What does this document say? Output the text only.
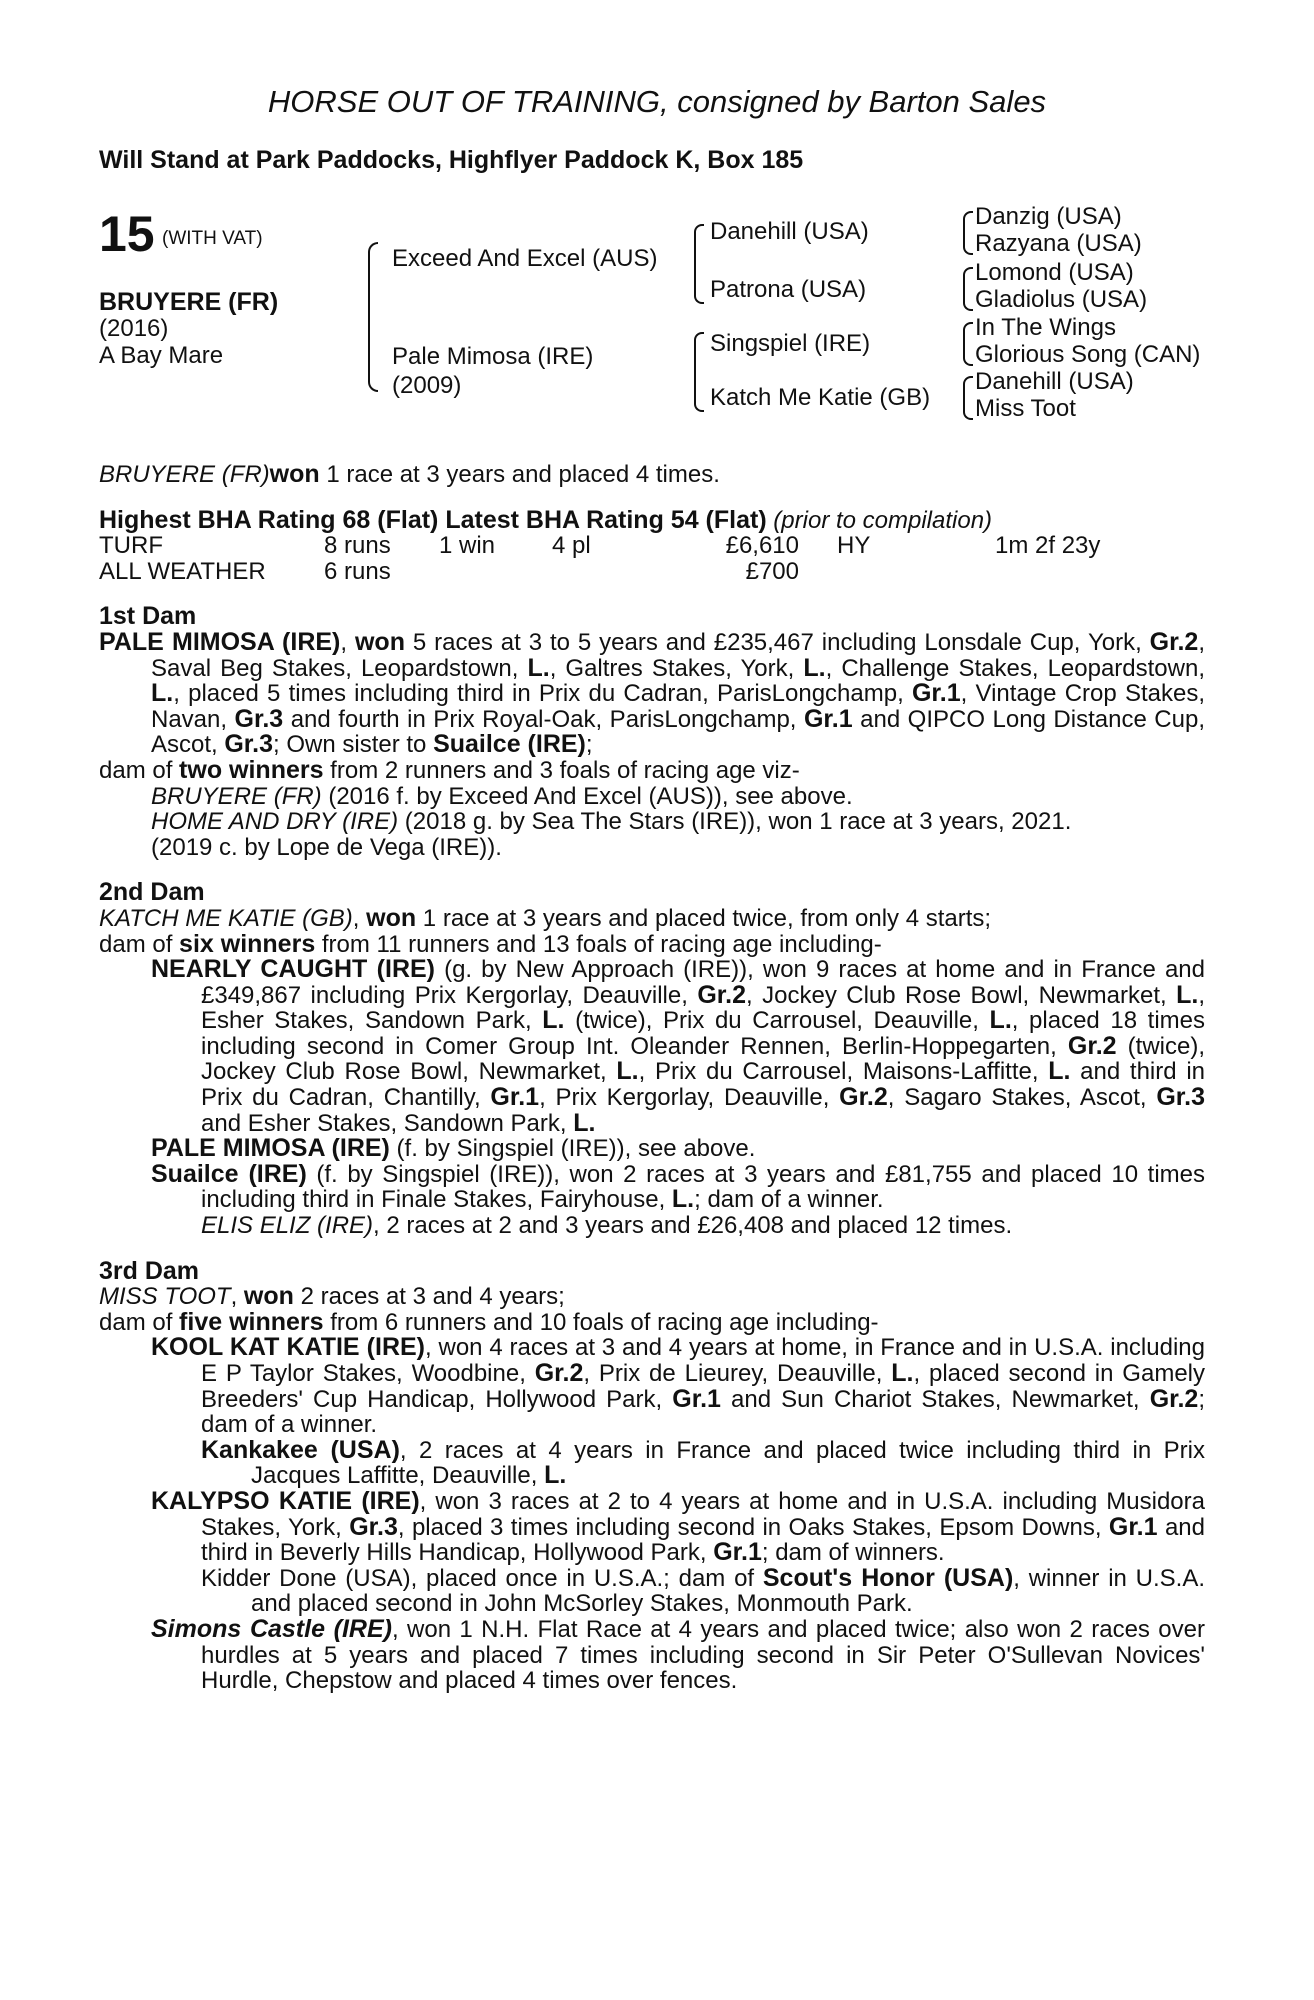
HORSE OUT OF TRAINING, consigned by Barton Sales
Will Stand at Park Paddocks, Highflyer Paddock K, Box 185
15 (WITH VAT)
BRUYERE (FR)
(2016)
A Bay Mare
Exceed And Excel (AUS)
Pale Mimosa (IRE)
(2009)
Danehill (USA)
Patrona (USA)
Singspiel (IRE)
Katch Me Katie (GB)
Danzig (USA)
Razyana (USA)
Lomond (USA)
Gladiolus (USA)
In The Wings
Glorious Song (CAN)
Danehill (USA)
Miss Toot
BRUYERE (FR)won 1 race at 3 years and placed 4 times.
Highest BHA Rating 68 (Flat) Latest BHA Rating 54 (Flat) (prior to compilation)
TURF	8 runs	1 win	4 pl	£6,610	HY	1m 2f 23y
ALL WEATHER	6 runs			£700		
1st Dam
PALE MIMOSA (IRE), won 5 races at 3 to 5 years and £235,467 including Lonsdale Cup, York, Gr.2, Saval Beg Stakes, Leopardstown, L., Galtres Stakes, York, L., Challenge Stakes, Leopardstown, L., placed 5 times including third in Prix du Cadran, ParisLongchamp, Gr.1, Vintage Crop Stakes, Navan, Gr.3 and fourth in Prix Royal-Oak, ParisLongchamp, Gr.1 and QIPCO Long Distance Cup, Ascot, Gr.3; Own sister to Suailce (IRE);
dam of two winners from 2 runners and 3 foals of racing age viz-
BRUYERE (FR) (2016 f. by Exceed And Excel (AUS)), see above.
HOME AND DRY (IRE) (2018 g. by Sea The Stars (IRE)), won 1 race at 3 years, 2021.
(2019 c. by Lope de Vega (IRE)).
2nd Dam
KATCH ME KATIE (GB), won 1 race at 3 years and placed twice, from only 4 starts;
dam of six winners from 11 runners and 13 foals of racing age including-
NEARLY CAUGHT (IRE) (g. by New Approach (IRE)), won 9 races at home and in France and £349,867 including Prix Kergorlay, Deauville, Gr.2, Jockey Club Rose Bowl, Newmarket, L., Esher Stakes, Sandown Park, L. (twice), Prix du Carrousel, Deauville, L., placed 18 times including second in Comer Group Int. Oleander Rennen, Berlin-Hoppegarten, Gr.2 (twice), Jockey Club Rose Bowl, Newmarket, L., Prix du Carrousel, Maisons-Laffitte, L. and third in Prix du Cadran, Chantilly, Gr.1, Prix Kergorlay, Deauville, Gr.2, Sagaro Stakes, Ascot, Gr.3 and Esher Stakes, Sandown Park, L.
PALE MIMOSA (IRE) (f. by Singspiel (IRE)), see above.
Suailce (IRE) (f. by Singspiel (IRE)), won 2 races at 3 years and £81,755 and placed 10 times including third in Finale Stakes, Fairyhouse, L.; dam of a winner.
ELIS ELIZ (IRE), 2 races at 2 and 3 years and £26,408 and placed 12 times.
3rd Dam
MISS TOOT, won 2 races at 3 and 4 years;
dam of five winners from 6 runners and 10 foals of racing age including-
KOOL KAT KATIE (IRE), won 4 races at 3 and 4 years at home, in France and in U.S.A. including E P Taylor Stakes, Woodbine, Gr.2, Prix de Lieurey, Deauville, L., placed second in Gamely Breeders' Cup Handicap, Hollywood Park, Gr.1 and Sun Chariot Stakes, Newmarket, Gr.2; dam of a winner.
Kankakee (USA), 2 races at 4 years in France and placed twice including third in Prix Jacques Laffitte, Deauville, L.
KALYPSO KATIE (IRE), won 3 races at 2 to 4 years at home and in U.S.A. including Musidora Stakes, York, Gr.3, placed 3 times including second in Oaks Stakes, Epsom Downs, Gr.1 and third in Beverly Hills Handicap, Hollywood Park, Gr.1; dam of winners.
Kidder Done (USA), placed once in U.S.A.; dam of Scout's Honor (USA), winner in U.S.A. and placed second in John McSorley Stakes, Monmouth Park.
Simons Castle (IRE), won 1 N.H. Flat Race at 4 years and placed twice; also won 2 races over hurdles at 5 years and placed 7 times including second in Sir Peter O'Sullevan Novices' Hurdle, Chepstow and placed 4 times over fences.
